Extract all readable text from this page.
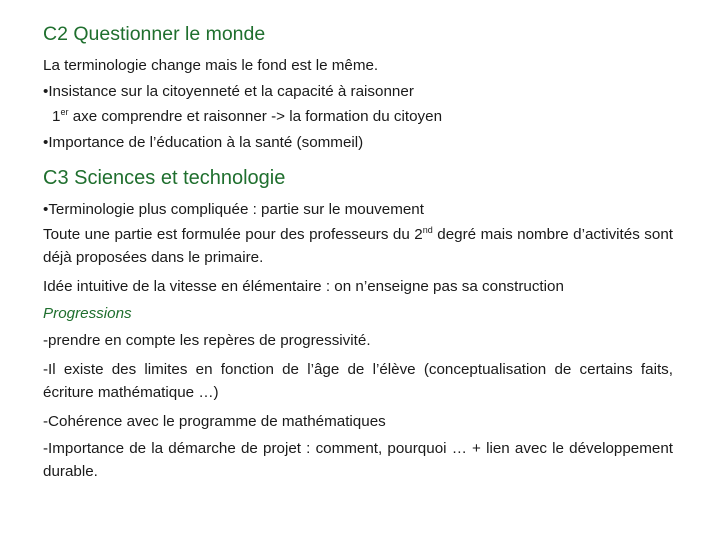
C2 Questionner le monde

La terminologie change mais le fond est le même.

•Insistance sur la citoyenneté et la capacité à raisonner

1er axe comprendre et raisonner -> la formation du citoyen

•Importance de l’éducation à la santé (sommeil)

C3 Sciences et technologie

•Terminologie plus compliquée : partie sur le mouvement

Toute une partie est formulée pour des professeurs du 2nd degré mais nombre d’activités sont déjà proposées dans le primaire.

Idée intuitive de la vitesse en élémentaire : on n’enseigne pas sa construction

Progressions

-prendre en compte les repères de progressivité.

-Il existe des limites en fonction de l’âge de l’élève (conceptualisation de certains faits, écriture mathématique …)

-Cohérence avec le programme de mathématiques

-Importance de la démarche de projet : comment, pourquoi … + lien avec le développement durable.
